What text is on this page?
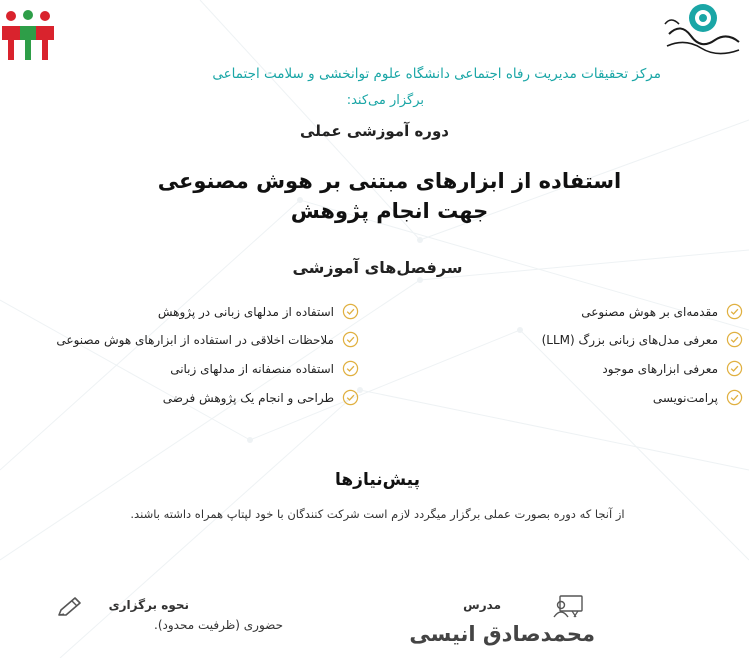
مرکز تحقیقات مدیریت رفاه اجتماعی دانشگاه علوم توانخشی و سلامت اجتماعی
برگزار می‌کند:
دوره آموزشی عملی
استفاده از ابزارهای مبتنی بر هوش مصنوعی
جهت انجام پژوهش
سرفصل‌های آموزشی
مقدمه‌ای بر هوش مصنوعی
معرفی مدل‌های زبانی بزرگ (LLM)
معرفی ابزارهای موجود
پرامت‌نویسی
استفاده از مدلهای زبانی در پژوهش
ملاحظات اخلاقی در استفاده از ابزارهای هوش مصنوعی
استفاده منصفانه از مدلهای زبانی
طراحی و انجام یک پژوهش فرضی
پیش‌نیازها
از آنجا که دوره بصورت عملی برگزار میگردد لازم است شرکت کنندگان با خود لپتاپ همراه داشته باشند.
نحوه برگزاری
حضوری (ظرفیت محدود).
مدرس
محمدصادق انیسی
